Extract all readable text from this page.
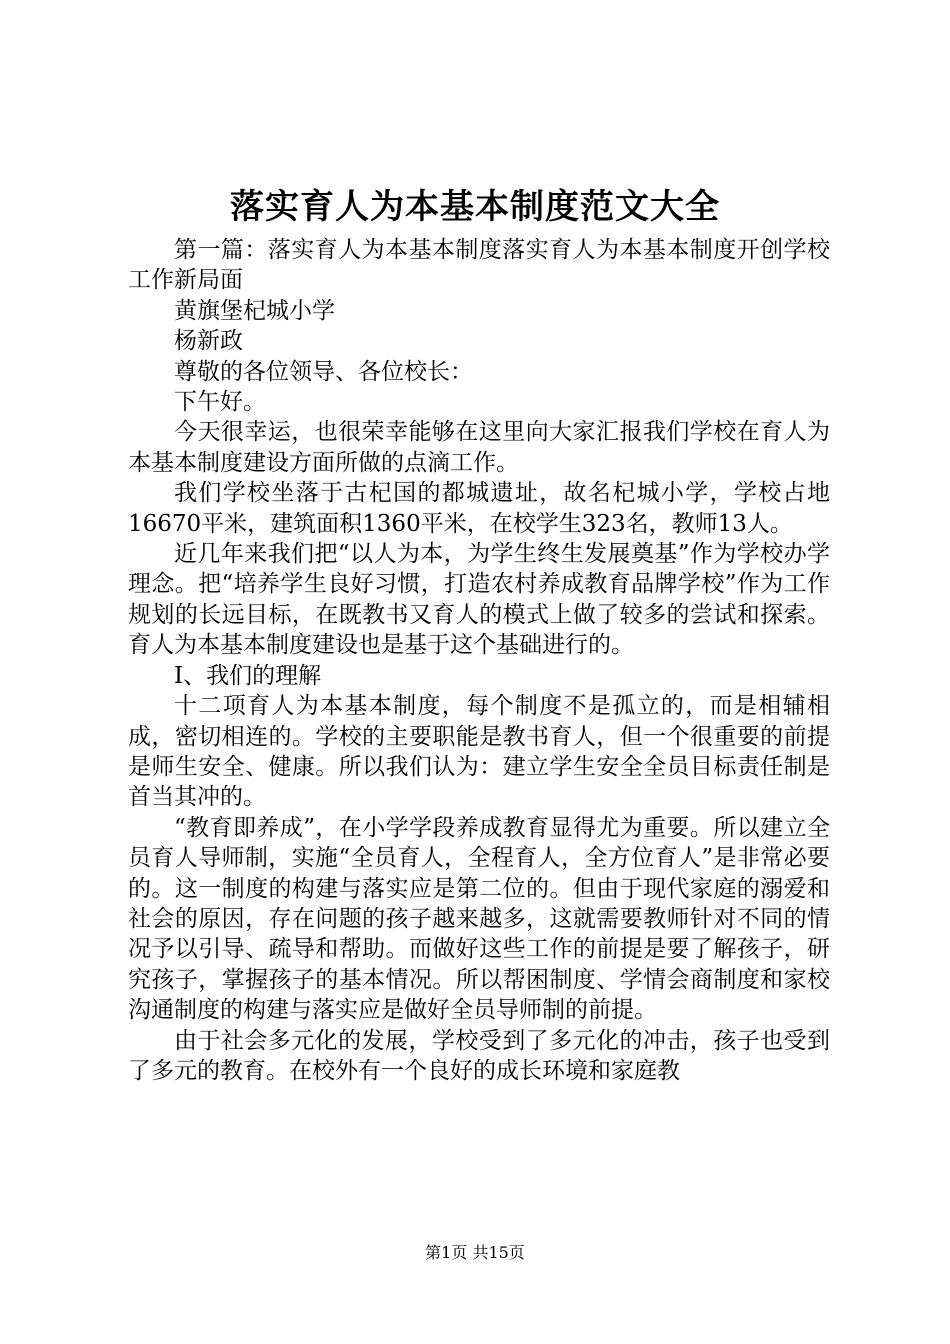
落实育人为本基本制度范文大全

第一篇：落实育人为本基本制度落实育人为本基本制度开创学校工作新局面

黄旗堡杞城小学

杨新政

尊敬的各位领导、各位校长：

下午好。

今天很幸运，也很荣幸能够在这里向大家汇报我们学校在育人为本基本制度建设方面所做的点滴工作。

我们学校坐落于古杞国的都城遗址，故名杞城小学，学校占地16670平米，建筑面积1360平米，在校学生323名，教师13人。

近几年来我们把“以人为本，为学生终生发展奠基”作为学校办学理念。把“培养学生良好习惯，打造农村养成教育品牌学校”作为工作规划的长远目标，在既教书又育人的模式上做了较多的尝试和探索。育人为本基本制度建设也是基于这个基础进行的。

Ⅰ、我们的理解

十二项育人为本基本制度，每个制度不是孤立的，而是相辅相成，密切相连的。学校的主要职能是教书育人，但一个很重要的前提是师生安全、健康。所以我们认为：建立学生安全全员目标责任制是首当其冲的。

“教育即养成”，在小学学段养成教育显得尤为重要。所以建立全员育人导师制，实施“全员育人，全程育人，全方位育人”是非常必要的。这一制度的构建与落实应是第二位的。但由于现代家庭的溺爱和社会的原因，存在问题的孩子越来越多，这就需要教师针对不同的情况予以引导、疏导和帮助。而做好这些工作的前提是要了解孩子，研究孩子，掌握孩子的基本情况。所以帮困制度、学情会商制度和家校沟通制度的构建与落实应是做好全员导师制的前提。

由于社会多元化的发展，学校受到了多元化的冲击，孩子也受到了多元的教育。在校外有一个良好的成长环境和家庭教

第1页 共15页
